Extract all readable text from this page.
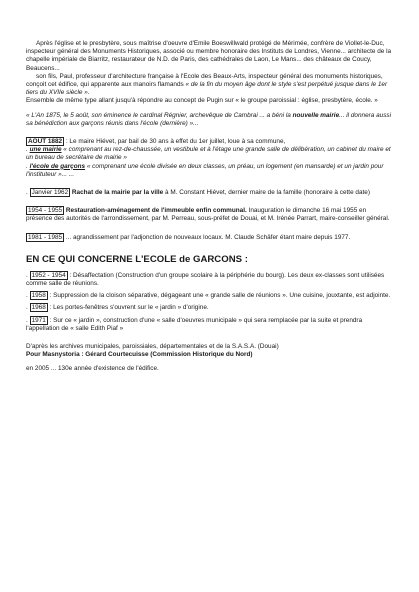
Après l'église et le presbytère, sous maîtrise d'oeuvre d'Emile Boeswillwald protégé de Mérimée, confrère de Viollet-le-Duc, inspecteur général des Monuments Historiques, associé ou membre honoraire des Instituts de Londres, Vienne... architecte de la chapelle impériale de Biarritz, restaurateur de N.D. de Paris, des cathédrales de Laon, Le Mans... des châteaux de Coucy, Beaucens...

son fils, Paul, professeur d'architecture française à l'Ecole des Beaux-Arts, inspecteur général des monuments historiques, conçoit cet édifice, qui apparente aux manoirs flamands « de la fin du moyen âge dont le style s'est perpétué jusque dans le 1er tiers du XVIIe siècle ».

Ensemble de même type allant jusqu'à répondre au concept de Pugin sur « le groupe paroissial : église, presbytère, école. »

« L'An 1875, le 5 août, son éminence le cardinal Régnier, archevêque de Cambrai ... a béni la nouvelle mairie... il donnera aussi sa bénédiction aux garçons réunis dans l'école (dernière) »...

AOÛT 1882 : Le maire Hiévet, par bail de 30 ans à effet du 1er juillet, loue à sa commune,

. une mairie « comprenant au rez-de-chaussée, un vestibule et à l'étage une grande salle de délibération, un cabinet du maire et un bureau de secrétaire de mairie »

. l'école de garçons « comprenant une école divisée en deux classes, un préau, un logement (en mansarde) et un jardin pour l'instituteur »... ...

. Janvier 1962 Rachat de la mairie par la ville à M. Constant Hiévet, dernier maire de la famille (honoraire à cette date)

1954 - 1955 Restauration-aménagement de l'immeuble enfin communal. Inauguration le dimanche 16 mai 1955 en présence des autorités de l'arrondissement, par M. Perreau, sous-préfet de Douai, et M. Irénée Parrart, maire-conseiller général.

1981 - 1985 ... agrandissement par l'adjonction de nouveaux locaux. M. Claude Schäfer étant maire depuis 1977.

EN CE QUI CONCERNE L'ECOLE de GARCONS :

. 1952 - 1954 : Désaffectation (Construction d'un groupe scolaire à la périphérie du bourg). Les deux ex-classes sont utilisées comme salle de réunions.

. 1958 : Suppression de la cloison séparative, dégageant une « grande salle de réunions ». Une cuisine, jouxtante, est adjointe.

. 1968 : Les portes-fenêtres s'ouvrent sur le « jardin » d'origine.

. 1971 : Sur ce « jardin », construction d'une « salle d'oeuvres municipale » qui sera remplacée par la suite et prendra l'appellation de « salle Edith Piaf »

D'après les archives municipales, paroissiales, départementales et de la S.A.S.A. (Douai)

Pour Masnystoria : Gérard Courtecuisse (Commission Historique du Nord)

en 2005 ... 130e année d'existence de l'édifice.
